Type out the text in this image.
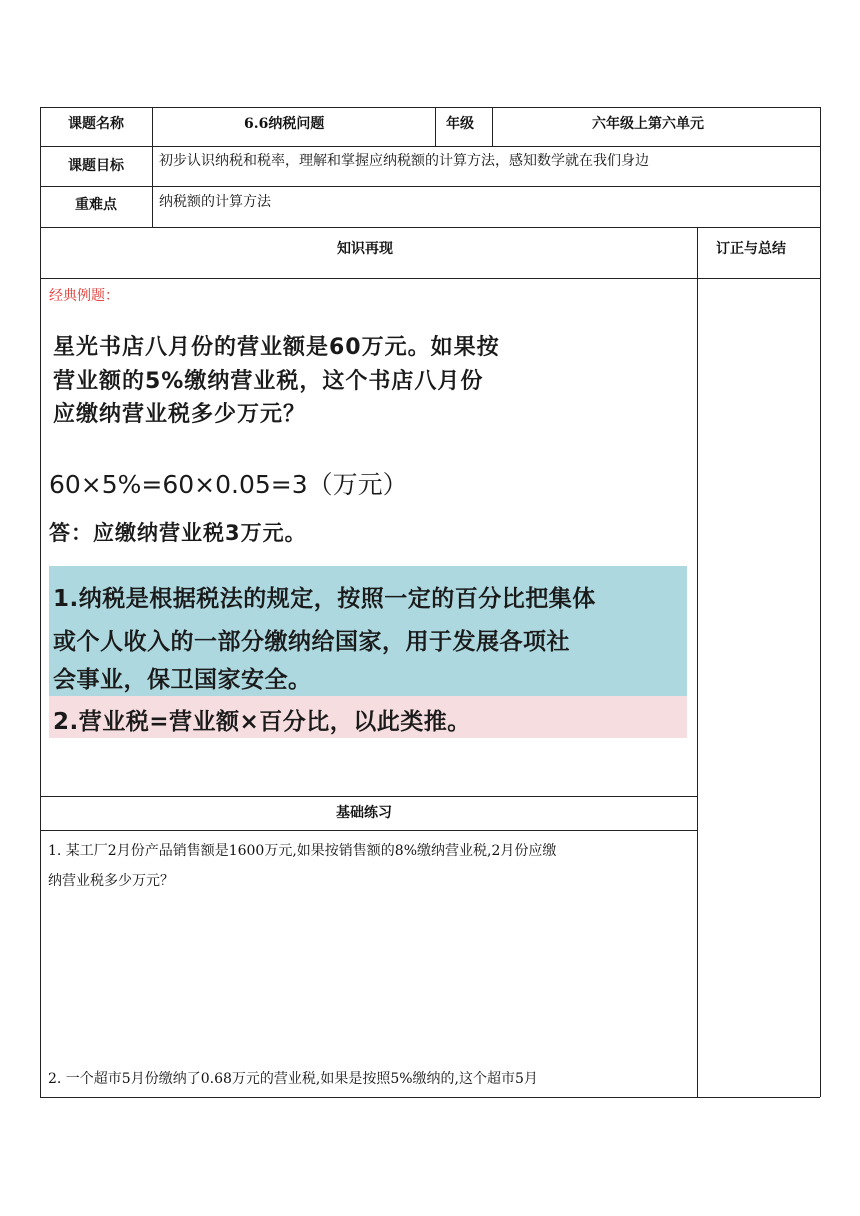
课题名称	6.6纳税问题	年级	六年级上第六单元
课题目标	初步认识纳税和税率，理解和掌握应纳税额的计算方法，感知数学就在我们身边
重难点	纳税额的计算方法
知识再现	订正与总结
经典例题：
星光书店八月份的营业额是60万元。如果按
营业额的5%缴纳营业税，这个书店八月份
应缴纳营业税多少万元？
60×5%=60×0.05=3（万元）
答：应缴纳营业税3万元。
1.纳税是根据税法的规定，按照一定的百分比把集体
或个人收入的一部分缴纳给国家，用于发展各项社
会事业，保卫国家安全。
2.营业税=营业额×百分比，以此类推。
基础练习
1. 某工厂2月份产品销售额是1600万元,如果按销售额的8%缴纳营业税,2月份应缴
纳营业税多少万元？
2. 一个超市5月份缴纳了0.68万元的营业税,如果是按照5%缴纳的,这个超市5月
